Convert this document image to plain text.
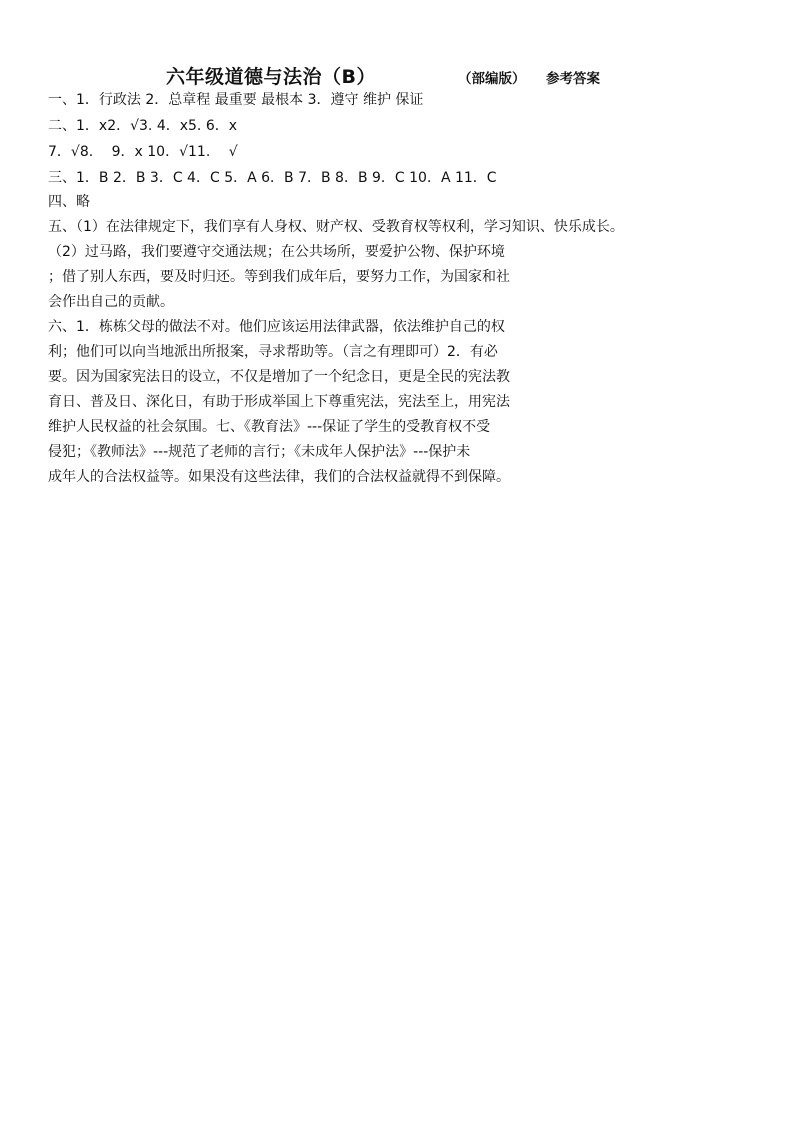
六年级道德与法治（B）	（部编版） 参考答案
一、1．行政法 2．总章程 最重要 最根本 3．遵守 维护 保证
二、1．x2．√3. 4．x5. 6．x
7．√8.　 9．x 10．√11.　 √
三、1．B 2．B 3．C 4．C 5．A 6．B 7．B 8．B 9．C 10．A 11．C
四、略
五、（1）在法律规定下，我们享有人身权、财产权、受教育权等权利，学习知识、快乐成长。
（2）过马路，我们要遵守交通法规；在公共场所，要爱护公物、保护环境
；借了别人东西，要及时归还。等到我们成年后，要努力工作，为国家和社
会作出自己的贡献。
六、1．栋栋父母的做法不对。他们应该运用法律武器，依法维护自己的权
利；他们可以向当地派出所报案，寻求帮助等。（言之有理即可）2．有必
要。因为国家宪法日的设立，不仅是增加了一个纪念日，更是全民的宪法教
育日、普及日、深化日，有助于形成举国上下尊重宪法，宪法至上，用宪法
维护人民权益的社会氛围。七、《教育法》---保证了学生的受教育权不受
侵犯；《教师法》---规范了老师的言行；《未成年人保护法》---保护未
成年人的合法权益等。如果没有这些法律，我们的合法权益就得不到保障。
